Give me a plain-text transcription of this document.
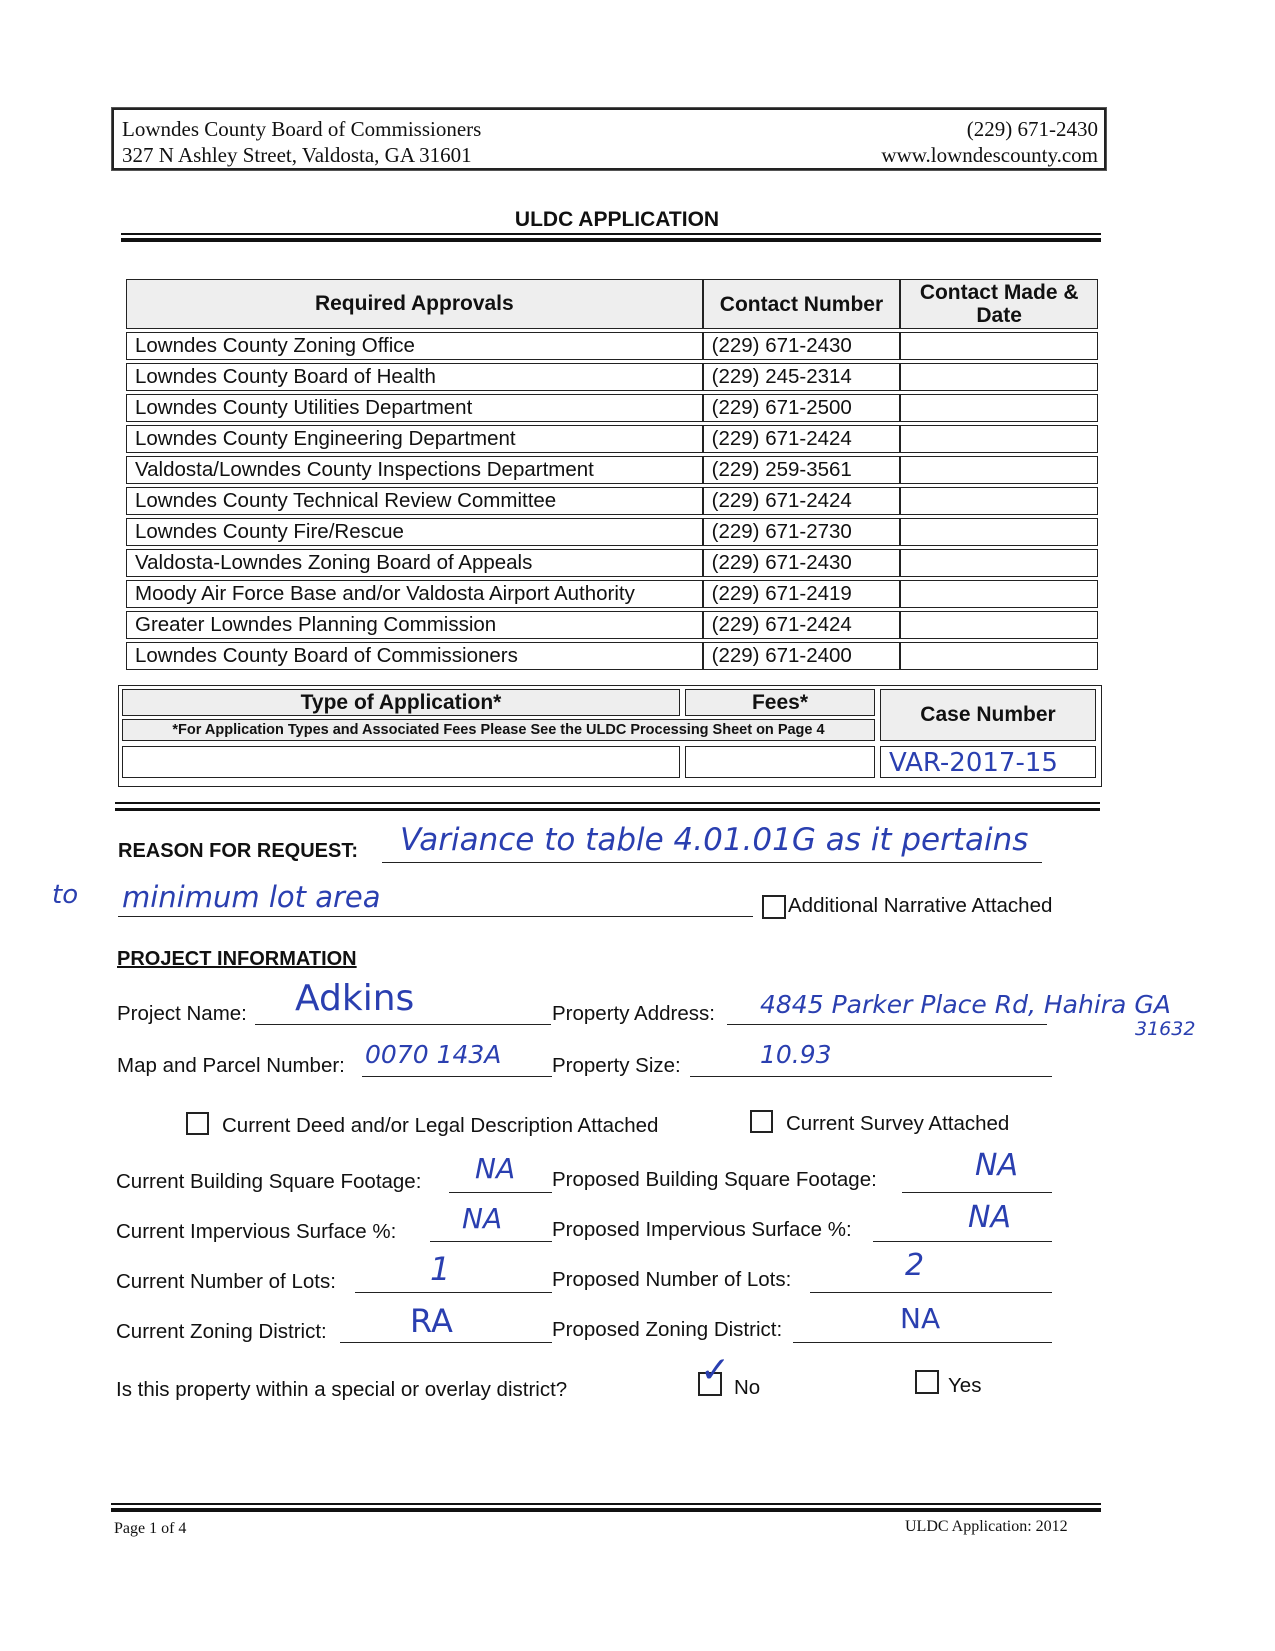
Lowndes County Board of Commissioners
327 N Ashley Street, Valdosta, GA 31601
(229) 671-2430
www.lowndescounty.com
ULDC APPLICATION
Required Approvals	Contact Number	Contact Made & Date
Lowndes County Zoning Office	(229) 671-2430	
Lowndes County Board of Health	(229) 245-2314	
Lowndes County Utilities Department	(229) 671-2500	
Lowndes County Engineering Department	(229) 671-2424	
Valdosta/Lowndes County Inspections Department	(229) 259-3561	
Lowndes County Technical Review Committee	(229) 671-2424	
Lowndes County Fire/Rescue	(229) 671-2730	
Valdosta-Lowndes Zoning Board of Appeals	(229) 671-2430	
Moody Air Force Base and/or Valdosta Airport Authority	(229) 671-2419	
Greater Lowndes Planning Commission	(229) 671-2424	
Lowndes County Board of Commissioners	(229) 671-2400	
Type of Application*	Fees*
*For Application Types and Associated Fees Please See the ULDC Processing Sheet on Page 4
Case Number
VAR-2017-15
REASON FOR REQUEST: Variance to table 4.01.01G as it pertains
to minimum lot area	Additional Narrative Attached
PROJECT INFORMATION
Project Name: Adkins	Property Address: 4845 Parker Place Rd, Hahira GA
31632
Map and Parcel Number: 0070 143A Property Size:	10.93
Current Deed and/or Legal Description Attached	Current Survey Attached
Current Building Square Footage: NA Proposed Building Square Footage:	NA
Current Impervious Surface %: NA Proposed Impervious Surface %:	NA
Current Number of Lots:	1	Proposed Number of Lots:	2
Current Zoning District:	RA	Proposed Zoning District:	NA
Is this property within a special or overlay district?	✓ No	Yes
Page 1 of 4	ULDC Application: 2012
